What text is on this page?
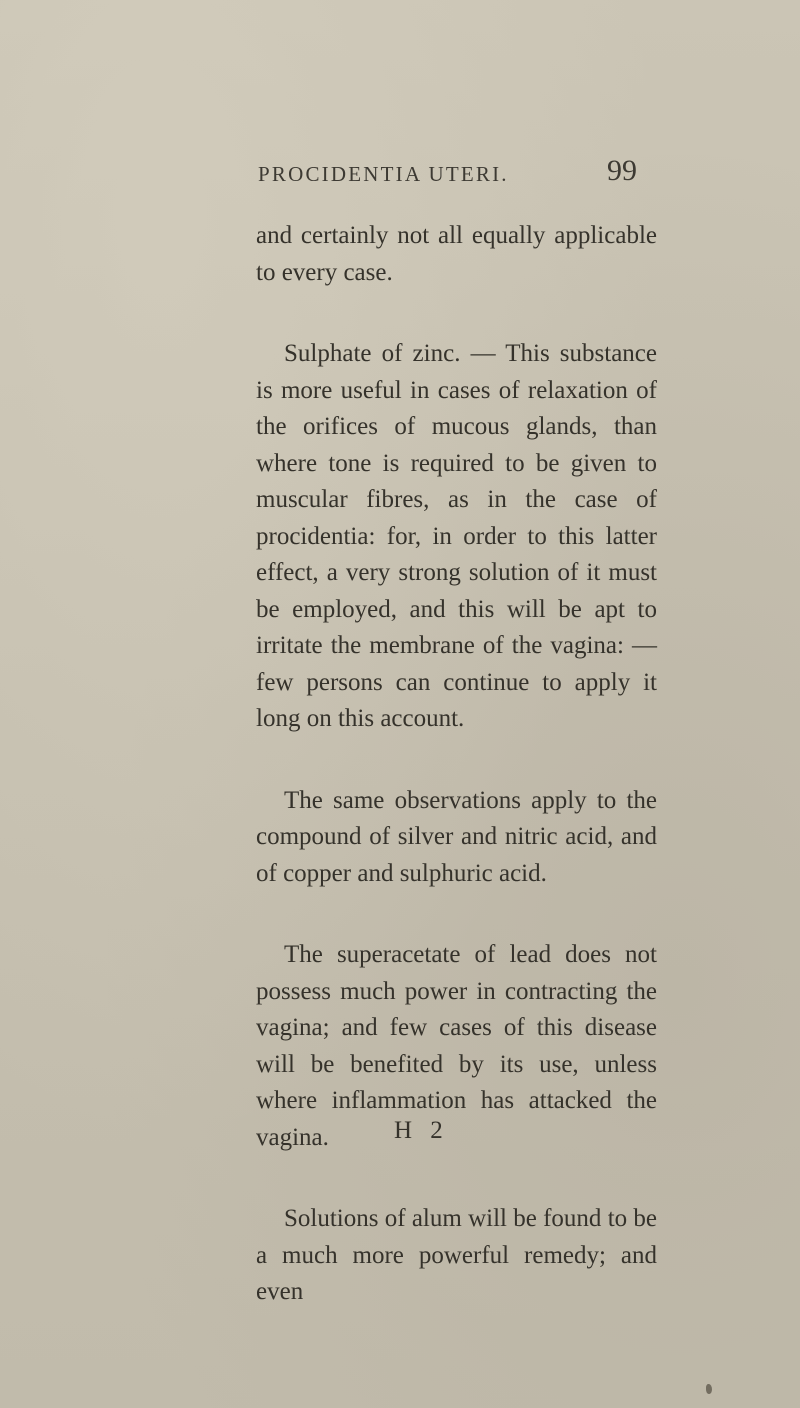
PROCIDENTIA UTERI.	99

and certainly not all equally applicable to every case.

Sulphate of zinc. — This substance is more useful in cases of relaxation of the orifices of mucous glands, than where tone is required to be given to muscular fibres, as in the case of procidentia: for, in order to this latter effect, a very strong solution of it must be employed, and this will be apt to irritate the membrane of the vagina: — few persons can continue to apply it long on this account.

The same observations apply to the compound of silver and nitric acid, and of copper and sulphuric acid.

The superacetate of lead does not possess much power in contracting the vagina; and few cases of this disease will be benefited by its use, unless where inflammation has attacked the vagina.

Solutions of alum will be found to be a much more powerful remedy; and even

H 2
